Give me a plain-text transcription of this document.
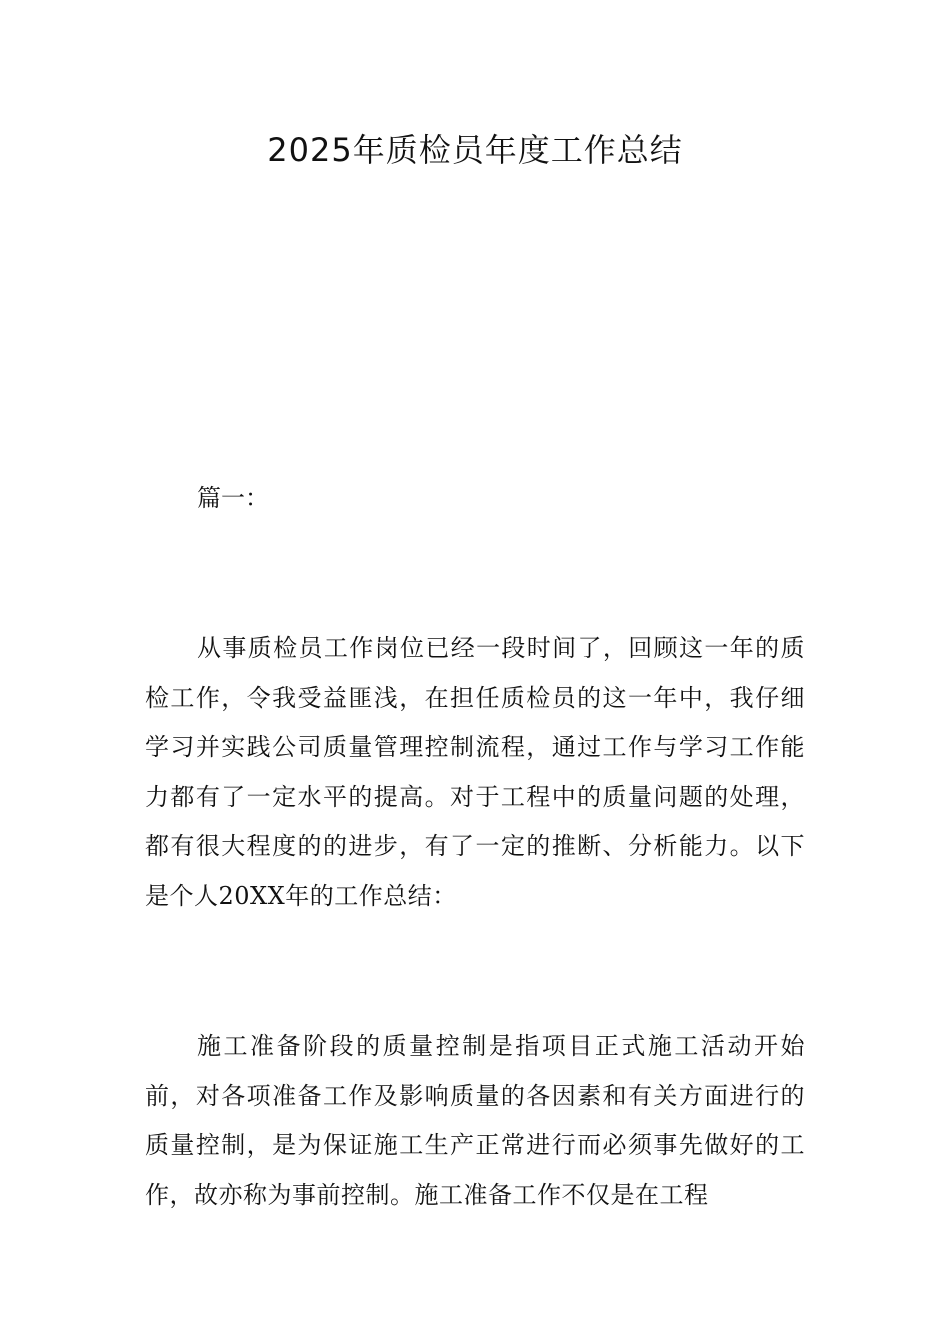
2025年质检员年度工作总结

篇一：

从事质检员工作岗位已经一段时间了，回顾这一年的质检工作，令我受益匪浅，在担任质检员的这一年中，我仔细学习并实践公司质量管理控制流程，通过工作与学习工作能力都有了一定水平的提高。对于工程中的质量问题的处理，都有很大程度的的进步，有了一定的推断、分析能力。以下是个人20XX年的工作总结：

施工准备阶段的质量控制是指项目正式施工活动开始前，对各项准备工作及影响质量的各因素和有关方面进行的质量控制，是为保证施工生产正常进行而必须事先做好的工作，故亦称为事前控制。施工准备工作不仅是在工程
